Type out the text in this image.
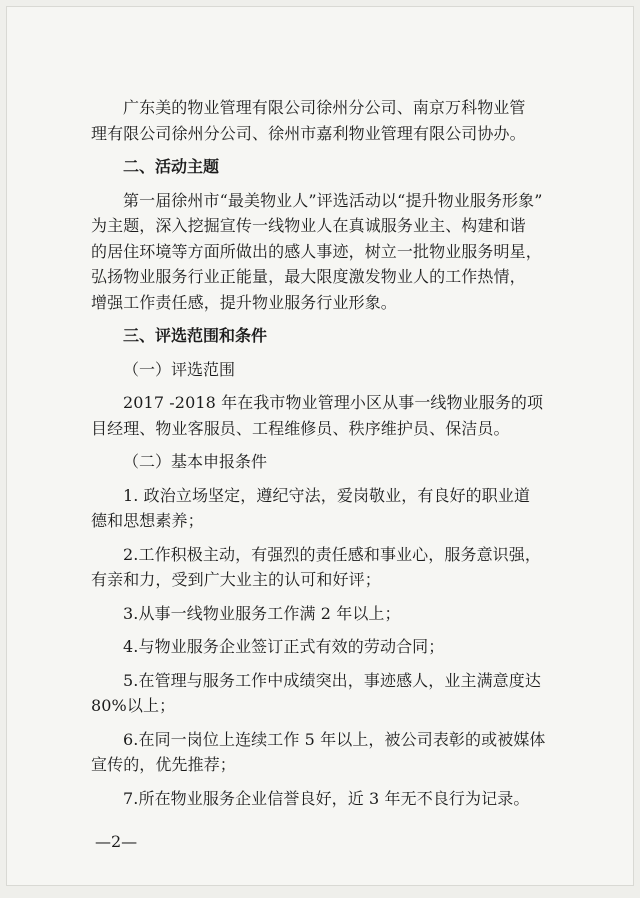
广东美的物业管理有限公司徐州分公司、南京万科物业管
理有限公司徐州分公司、徐州市嘉利物业管理有限公司协办。

二、活动主题

第一届徐州市“最美物业人”评选活动以“提升物业服务形象”
为主题，深入挖掘宣传一线物业人在真诚服务业主、构建和谐
的居住环境等方面所做出的感人事迹，树立一批物业服务明星，
弘扬物业服务行业正能量，最大限度激发物业人的工作热情，
增强工作责任感，提升物业服务行业形象。

三、评选范围和条件

（一）评选范围

2017 -2018 年在我市物业管理小区从事一线物业服务的项
目经理、物业客服员、工程维修员、秩序维护员、保洁员。

（二）基本申报条件

1. 政治立场坚定，遵纪守法，爱岗敬业，有良好的职业道
德和思想素养；

2.工作积极主动，有强烈的责任感和事业心，服务意识强，
有亲和力，受到广大业主的认可和好评；

3.从事一线物业服务工作满 2 年以上；

4.与物业服务企业签订正式有效的劳动合同；

5.在管理与服务工作中成绩突出，事迹感人，业主满意度达
80%以上；

6.在同一岗位上连续工作 5 年以上，被公司表彰的或被媒体
宣传的，优先推荐；

7.所在物业服务企业信誉良好，近 3 年无不良行为记录。

—2—
